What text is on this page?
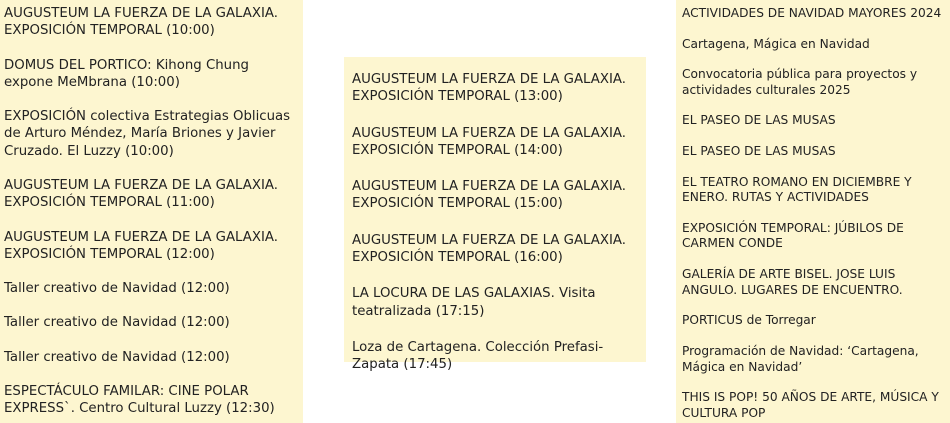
AUGUSTEUM LA FUERZA DE LA GALAXIA. EXPOSICIÓN TEMPORAL (10:00)
DOMUS DEL PORTICO: Kihong Chung expone MeMbrana (10:00)
EXPOSICIÓN colectiva Estrategias Oblicuas de Arturo Méndez, María Briones y Javier Cruzado. El Luzzy (10:00)
AUGUSTEUM LA FUERZA DE LA GALAXIA. EXPOSICIÓN TEMPORAL (11:00)
AUGUSTEUM LA FUERZA DE LA GALAXIA. EXPOSICIÓN TEMPORAL (12:00)
Taller creativo de Navidad (12:00)
Taller creativo de Navidad (12:00)
Taller creativo de Navidad (12:00)
ESPECTÁCULO FAMILAR: CINE POLAR EXPRESS`. Centro Cultural Luzzy (12:30)
AUGUSTEUM LA FUERZA DE LA GALAXIA. EXPOSICIÓN TEMPORAL (13:00)
AUGUSTEUM LA FUERZA DE LA GALAXIA. EXPOSICIÓN TEMPORAL (14:00)
AUGUSTEUM LA FUERZA DE LA GALAXIA. EXPOSICIÓN TEMPORAL (15:00)
AUGUSTEUM LA FUERZA DE LA GALAXIA. EXPOSICIÓN TEMPORAL (16:00)
LA LOCURA DE LAS GALAXIAS. Visita teatralizada (17:15)
Loza de Cartagena. Colección Prefasi-Zapata (17:45)
ACTIVIDADES DE NAVIDAD MAYORES 2024
Cartagena, Mágica en Navidad
Convocatoria pública para proyectos y actividades culturales 2025
EL PASEO DE LAS MUSAS
EL PASEO DE LAS MUSAS
EL TEATRO ROMANO EN DICIEMBRE Y ENERO. RUTAS Y ACTIVIDADES
EXPOSICIÓN TEMPORAL: JÚBILOS DE CARMEN CONDE
GALERÍA DE ARTE BISEL. JOSE LUIS ANGULO. LUGARES DE ENCUENTRO.
PORTICUS de Torregar
Programación de Navidad: ‘Cartagena, Mágica en Navidad’
THIS IS POP! 50 AÑOS DE ARTE, MÚSICA Y CULTURA POP
